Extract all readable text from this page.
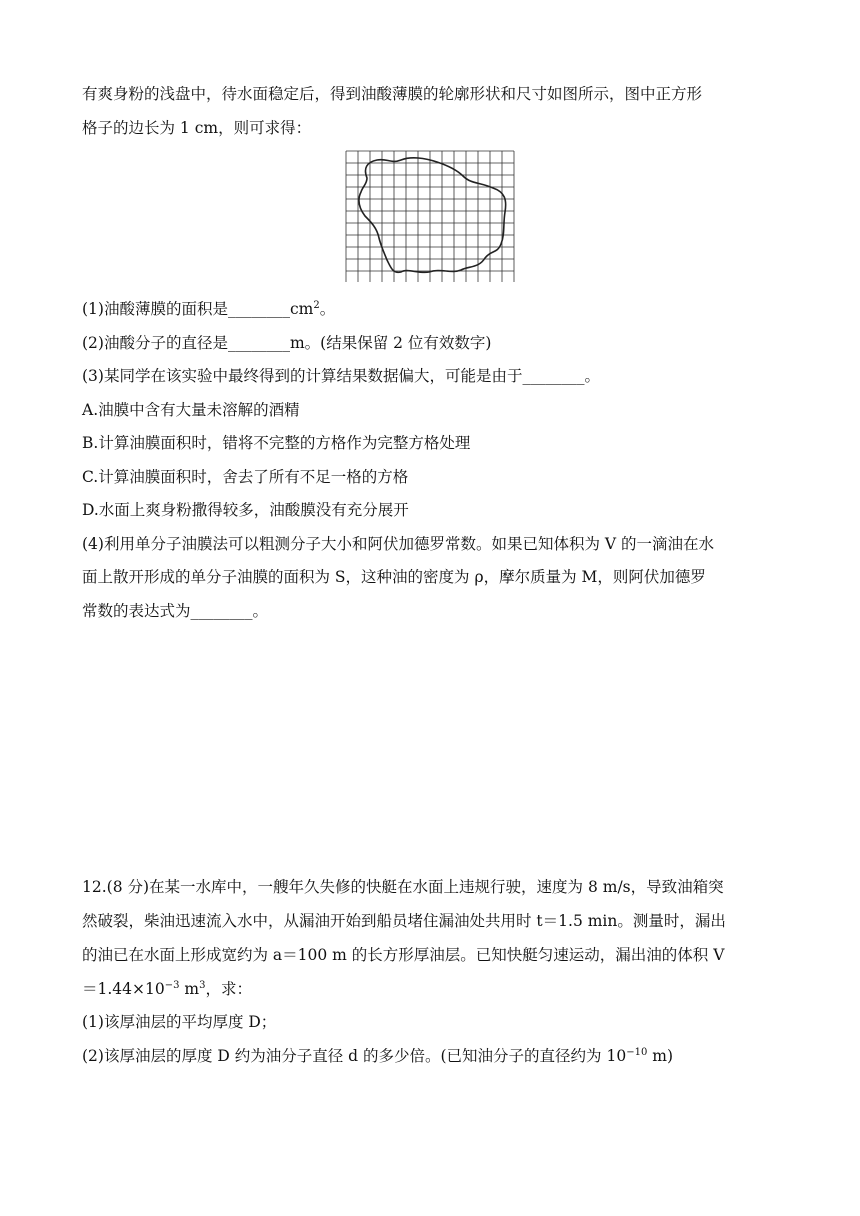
有爽身粉的浅盘中，待水面稳定后，得到油酸薄膜的轮廓形状和尺寸如图所示，图中正方形
格子的边长为 1 cm，则可求得：
(1)油酸薄膜的面积是$\_\_\_\_\_\_\_\_cm^2$。
(2)油酸分子的直径是________m。(结果保留 2 位有效数字)
(3)某同学在该实验中最终得到的计算结果数据偏大，可能是由于________。
A.油膜中含有大量未溶解的酒精
B.计算油膜面积时，错将不完整的方格作为完整方格处理
C.计算油膜面积时，舍去了所有不足一格的方格
D.水面上爽身粉撒得较多，油酸膜没有充分展开
(4)利用单分子油膜法可以粗测分子大小和阿伏加德罗常数。如果已知体积为 V 的一滴油在水
面上散开形成的单分子油膜的面积为 S，这种油的密度为 ρ，摩尔质量为 M，则阿伏加德罗
常数的表达式为________。
12.(8 分)在某一水库中，一艘年久失修的快艇在水面上违规行驶，速度为 8 m/s，导致油箱突
然破裂，柴油迅速流入水中，从漏油开始到船员堵住漏油处共用时 t＝1.5 min。测量时，漏出
的油已在水面上形成宽约为 a＝100 m 的长方形厚油层。已知快艇匀速运动，漏出油的体积 V
$=1.44\times 10^{-3}$ $m^3$，求：
(1)该厚油层的平均厚度 D；
(2)该厚油层的厚度 D 约为油分子直径 d 的多少倍。(已知油分子的直径约为 $10^{-10}$ m)
